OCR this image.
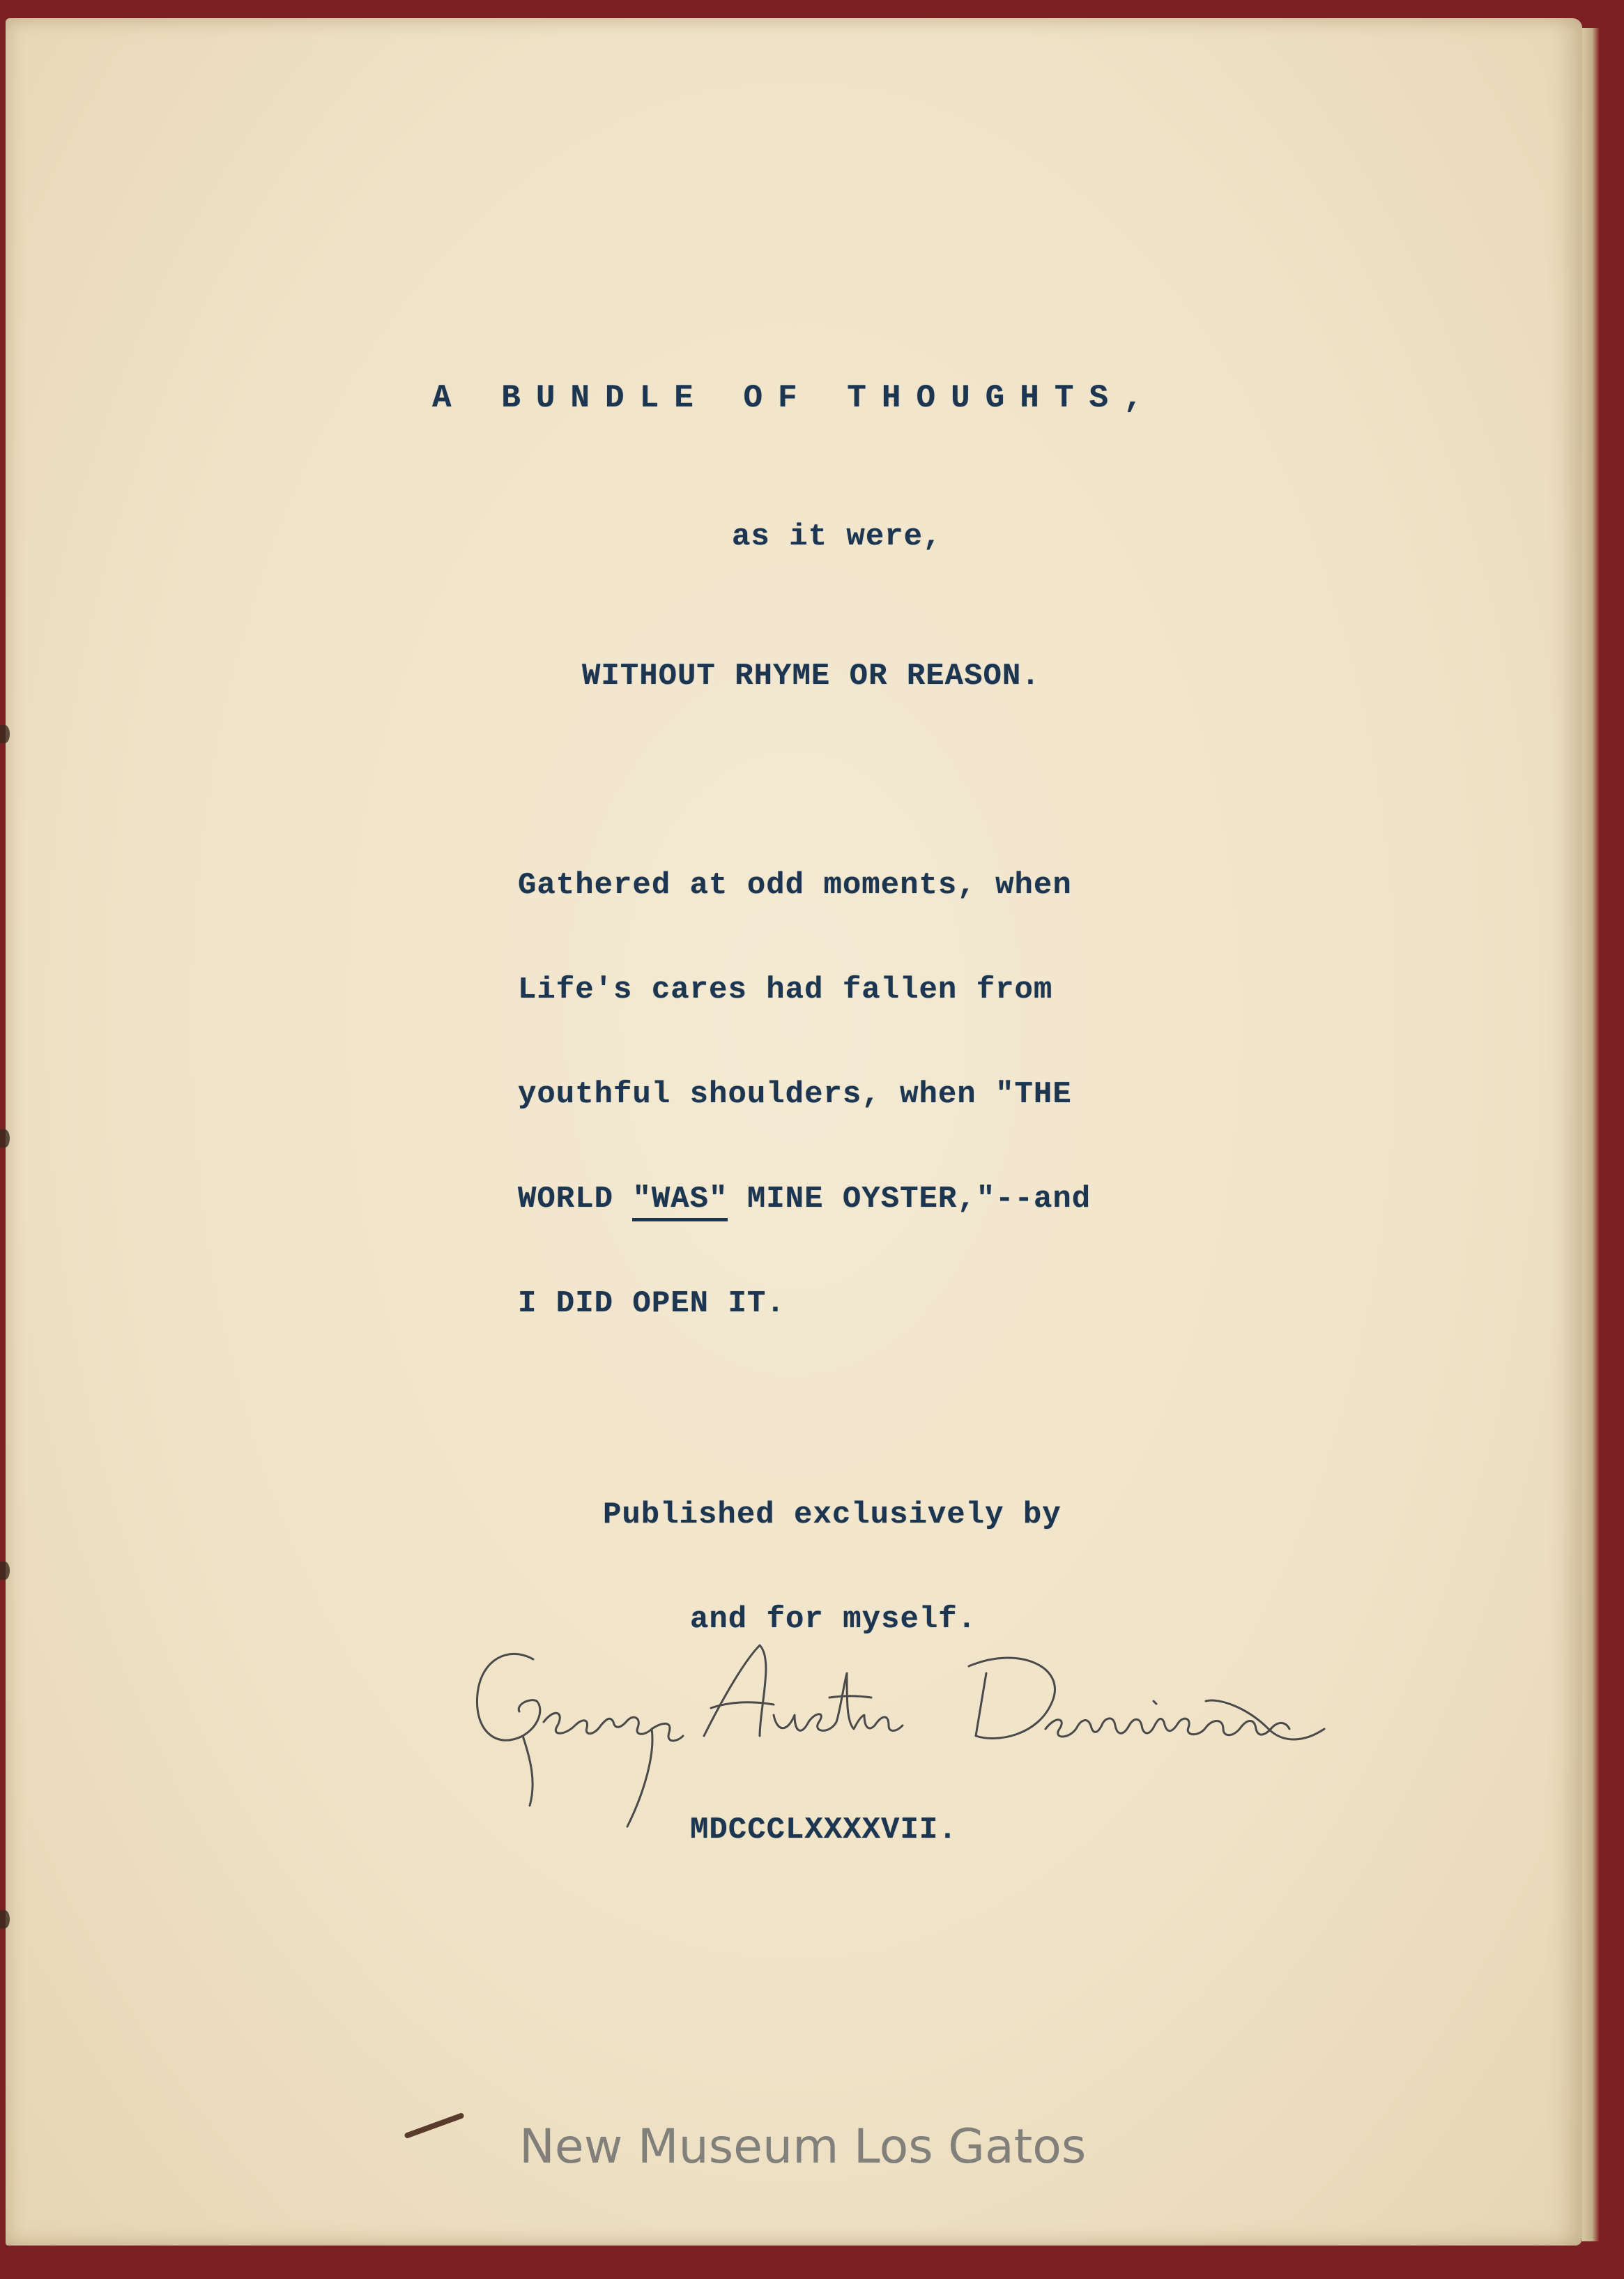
A BUNDLE OF THOUGHTS,
as it were,
WITHOUT RHYME OR REASON.
Gathered at odd moments, when
Life's cares had fallen from
youthful shoulders, when "THE
WORLD "WAS" MINE OYSTER,"--and
I DID OPEN IT.
Published exclusively by
and for myself.
MDCCCLXXXXVII.
New Museum Los Gatos
